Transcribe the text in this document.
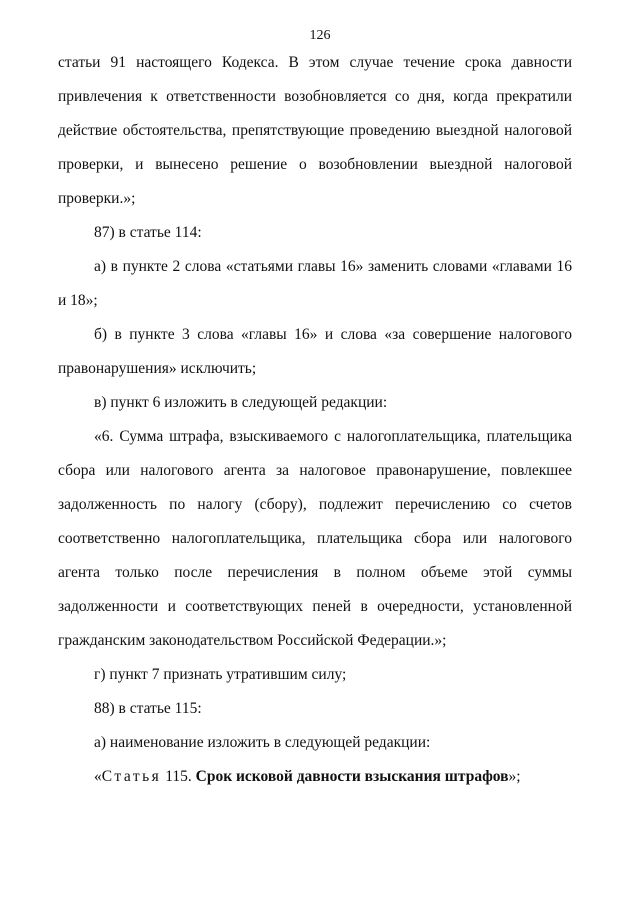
126
статьи 91 настоящего Кодекса. В этом случае течение срока давности
привлечения к ответственности возобновляется со дня, когда прекратили
действие обстоятельства, препятствующие проведению выездной налоговой
проверки, и вынесено решение о возобновлении выездной налоговой
проверки.»;
87) в статье 114:
а) в пункте 2 слова «статьями главы 16» заменить словами «главами 16
и 18»;
б) в пункте 3 слова «главы 16» и слова «за совершение налогового
правонарушения» исключить;
в) пункт 6 изложить в следующей редакции:
«6. Сумма штрафа, взыскиваемого с налогоплательщика, плательщика
сбора или налогового агента за налоговое правонарушение, повлекшее
задолженность по налогу (сбору), подлежит перечислению со счетов
соответственно налогоплательщика, плательщика сбора или налогового
агента только после перечисления в полном объеме этой суммы
задолженности и соответствующих пеней в очередности, установленной
гражданским законодательством Российской Федерации.»;
г) пункт 7 признать утратившим силу;
88) в статье 115:
а) наименование изложить в следующей редакции:
«Статья 115. Срок исковой давности взыскания штрафов»;
